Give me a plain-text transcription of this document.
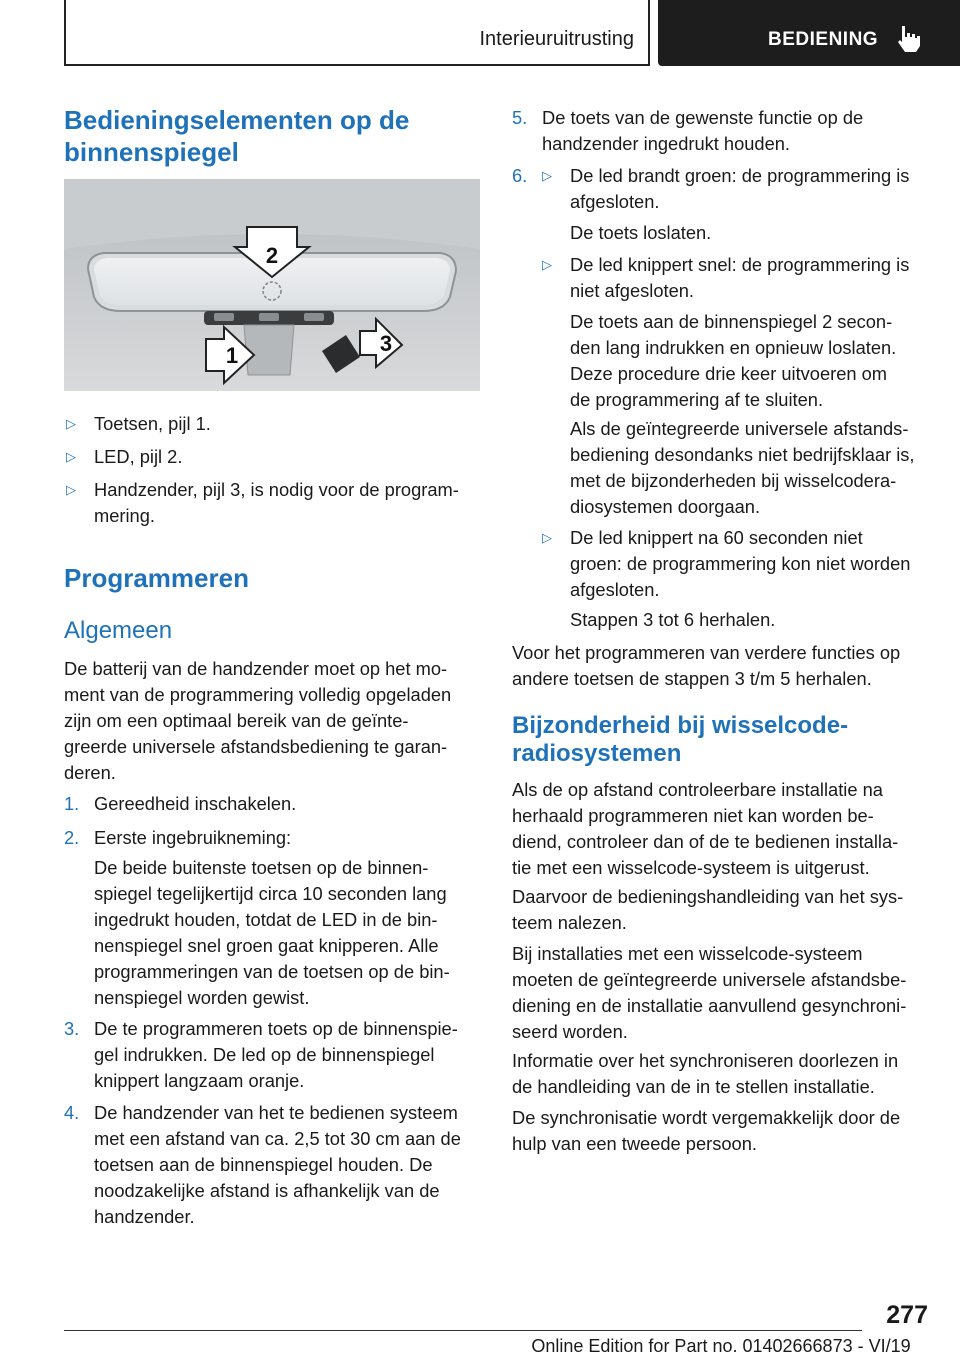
Interieuruitrusting	BEDIENING
Bedieningselementen op de
binnenspiegel
2
1	3
▷ Toetsen, pijl 1.
▷ LED, pijl 2.
▷ Handzender, pijl 3, is nodig voor de program-
mering.
Programmeren
Algemeen
De batterij van de handzender moet op het mo-
ment van de programmering volledig opgeladen
zijn om een optimaal bereik van de geïnte-
greerde universele afstandsbediening te garan-
deren.
1. Gereedheid inschakelen.
2. Eerste ingebruikneming:
De beide buitenste toetsen op de binnen-
spiegel tegelijkertijd circa 10 seconden lang
ingedrukt houden, totdat de LED in de bin-
nenspiegel snel groen gaat knipperen. Alle
programmeringen van de toetsen op de bin-
nenspiegel worden gewist.
3. De te programmeren toets op de binnenspie-
gel indrukken. De led op de binnenspiegel
knippert langzaam oranje.
4. De handzender van het te bedienen systeem
met een afstand van ca. 2,5 tot 30 cm aan de
toetsen aan de binnenspiegel houden. De
noodzakelijke afstand is afhankelijk van de
handzender.
5. De toets van de gewenste functie op de
handzender ingedrukt houden.
6. ▷ De led brandt groen: de programmering is
afgesloten.
De toets loslaten.
▷ De led knippert snel: de programmering is
niet afgesloten.
De toets aan de binnenspiegel 2 secon-
den lang indrukken en opnieuw loslaten.
Deze procedure drie keer uitvoeren om
de programmering af te sluiten.
Als de geïntegreerde universele afstands-
bediening desondanks niet bedrijfsklaar is,
met de bijzonderheden bij wisselcodera-
diosystemen doorgaan.
▷ De led knippert na 60 seconden niet
groen: de programmering kon niet worden
afgesloten.
Stappen 3 tot 6 herhalen.
Voor het programmeren van verdere functies op
andere toetsen de stappen 3 t/m 5 herhalen.
Bijzonderheid bij wisselcode-
radiosystemen
Als de op afstand controleerbare installatie na
herhaald programmeren niet kan worden be-
diend, controleer dan of de te bedienen installa-
tie met een wisselcode-systeem is uitgerust.
Daarvoor de bedieningshandleiding van het sys-
teem nalezen.
Bij installaties met een wisselcode-systeem
moeten de geïntegreerde universele afstandsbe-
diening en de installatie aanvullend gesynchroni-
seerd worden.
Informatie over het synchroniseren doorlezen in
de handleiding van de in te stellen installatie.
De synchronisatie wordt vergemakkelijk door de
hulp van een tweede persoon.
277
Online Edition for Part no. 01402666873 - VI/19
